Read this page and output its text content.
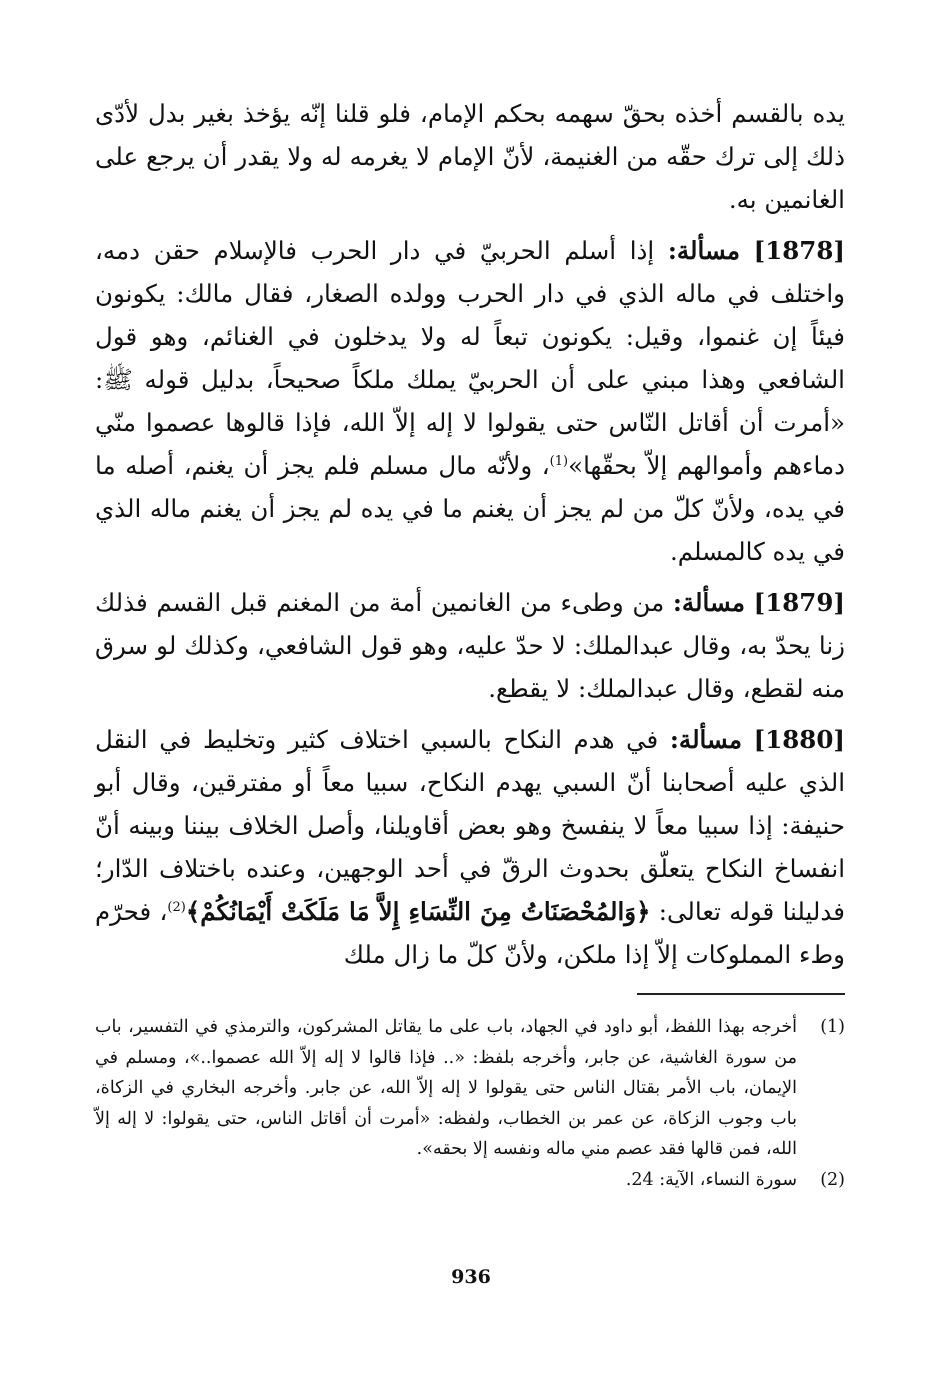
يده بالقسم أخذه بحقّ سهمه بحكم الإمام، فلو قلنا إنّه يؤخذ بغير بدل لأدّى ذلك إلى ترك حقّه من الغنيمة، لأنّ الإمام لا يغرمه له ولا يقدر أن يرجع على الغانمين به.

[1878] مسألة: إذا أسلم الحربيّ في دار الحرب فالإسلام حقن دمه، واختلف في ماله الذي في دار الحرب وولده الصغار، فقال مالك: يكونون فيئاً إن غنموا، وقيل: يكونون تبعاً له ولا يدخلون في الغنائم، وهو قول الشافعي وهذا مبني على أن الحربيّ يملك ملكاً صحيحاً، بدليل قوله ﷺ: «أمرت أن أقاتل النّاس حتى يقولوا لا إله إلاّ الله، فإذا قالوها عصموا منّي دماءهم وأموالهم إلاّ بحقّها»$^{(1)}$، ولأنّه مال مسلم فلم يجز أن يغنم، أصله ما في يده، ولأنّ كلّ من لم يجز أن يغنم ما في يده لم يجز أن يغنم ماله الذي في يده كالمسلم.

[1879] مسألة: من وطىء من الغانمين أمة من المغنم قبل القسم فذلك زنا يحدّ به، وقال عبدالملك: لا حدّ عليه، وهو قول الشافعي، وكذلك لو سرق منه لقطع، وقال عبدالملك: لا يقطع.

[1880] مسألة: في هدم النكاح بالسبي اختلاف كثير وتخليط في النقل الذي عليه أصحابنا أنّ السبي يهدم النكاح، سبيا معاً أو مفترقين، وقال أبو حنيفة: إذا سبيا معاً لا ينفسخ وهو بعض أقاويلنا، وأصل الخلاف بيننا وبينه أنّ انفساخ النكاح يتعلّق بحدوث الرقّ في أحد الوجهين، وعنده باختلاف الدّار؛ فدليلنا قوله تعالى: ﴿وَالمُحْصَنَاتُ مِنَ النِّسَاءِ إِلاَّ مَا مَلَكَتْ أَيْمَانُكُمْ﴾$^{(2)}$، فحرّم وطء المملوكات إلاّ إذا ملكن، ولأنّ كلّ ما زال ملك

(1)
أخرجه بهذا اللفظ، أبو داود في الجهاد، باب على ما يقاتل المشركون، والترمذي في التفسير، باب من سورة الغاشية، عن جابر، وأخرجه بلفظ: «.. فإذا قالوا لا إله إلاّ الله عصموا..»، ومسلم في الإيمان، باب الأمر بقتال الناس حتى يقولوا لا إله إلاّ الله، عن جابر. وأخرجه البخاري في الزكاة، باب وجوب الزكاة، عن عمر بن الخطاب، ولفظه: «أمرت أن أقاتل الناس، حتى يقولوا: لا إله إلاّ الله، فمن قالها فقد عصم مني ماله ونفسه إلا بحقه».
(2)
سورة النساء، الآية: 24.
936
